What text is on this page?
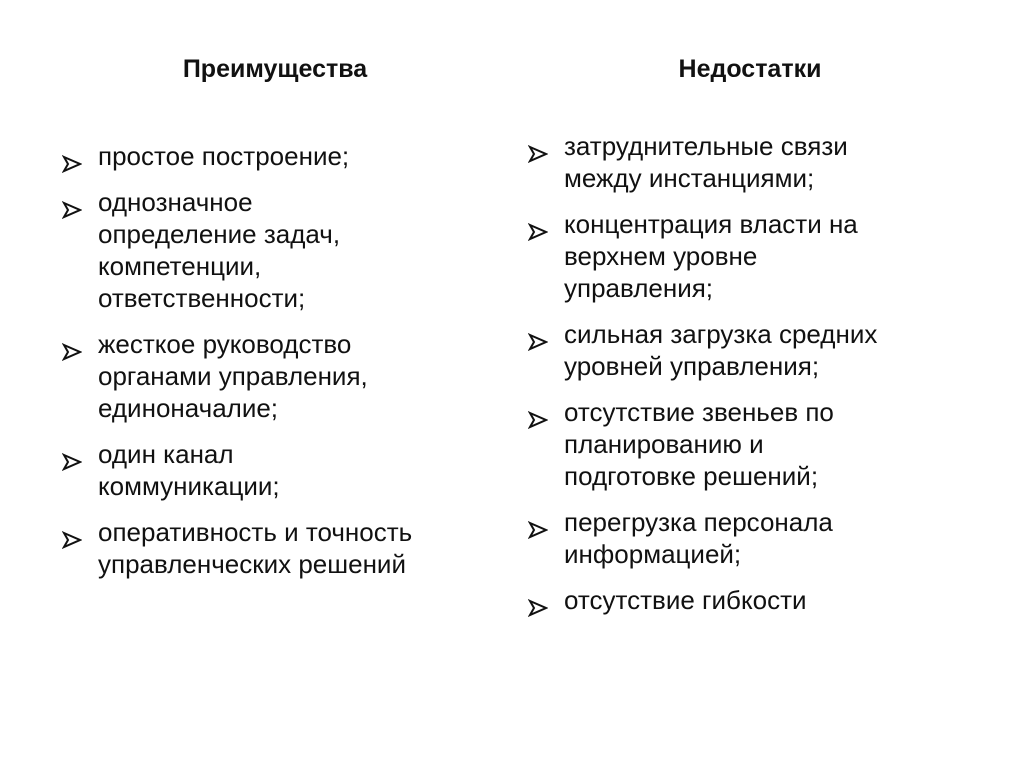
Преимущества	Недостатки
простое построение;
однозначное
определение задач,
компетенции,
ответственности;
жесткое руководство
органами управления,
единоначалие;
один канал
коммуникации;
оперативность и точность
управленческих решений
затруднительные связи
между инстанциями;
концентрация власти на
верхнем уровне
управления;
сильная загрузка средних
уровней управления;
отсутствие звеньев по
планированию и
подготовке решений;
перегрузка персонала
информацией;
отсутствие гибкости
